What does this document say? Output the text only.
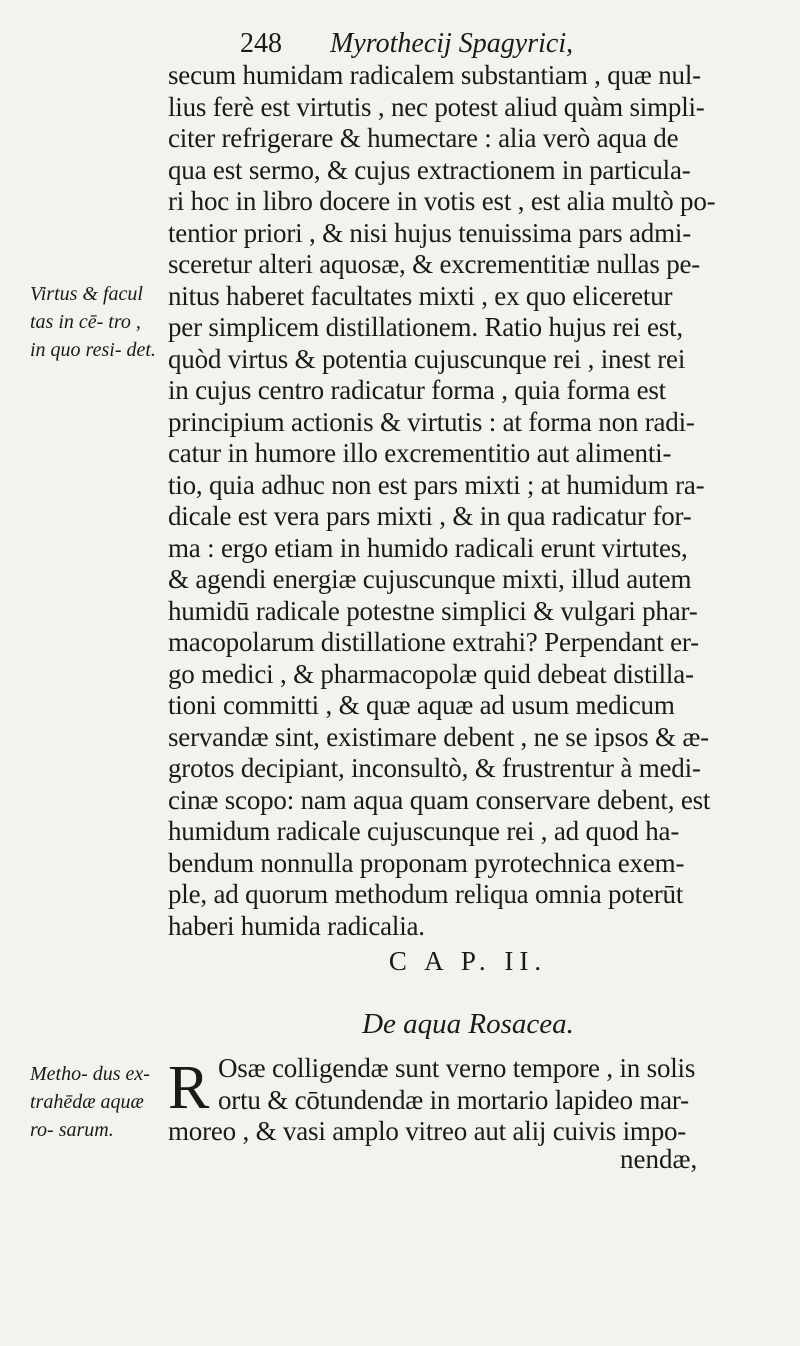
248 Myrothecij Spagyrici,
secum humidam radicalem substantiam , quæ nul-
lius ferè est virtutis , nec potest aliud quàm simpli-
citer refrigerare & humectare : alia verò aqua de
qua est sermo, & cujus extractionem in particula-
ri hoc in libro docere in votis est , est alia multò po-
tentior priori , & nisi hujus tenuissima pars admi-
sceretur alteri aquosæ, & excrementitiæ nullas pe-
nitus haberet facultates mixti , ex quo eliceretur
per simplicem distillationem. Ratio hujus rei est,
quòd virtus & potentia cujuscunque rei , inest rei
in cujus centro radicatur forma , quia forma est
principium actionis & virtutis : at forma non radi-
catur in humore illo excrementitio aut alimenti-
tio, quia adhuc non est pars mixti ; at humidum ra-
dicale est vera pars mixti , & in qua radicatur for-
ma : ergo etiam in humido radicali erunt virtutes,
& agendi energiæ cujuscunque mixti, illud autem
humidū radicale potestne simplici & vulgari phar-
macopolarum distillatione extrahi? Perpendant er-
go medici , & pharmacopolæ quid debeat distilla-
tioni committi , & quæ aquæ ad usum medicum
servandæ sint, existimare debent , ne se ipsos & æ-
grotos decipiant, inconsultò, & frustrentur à medi-
cinæ scopo: nam aqua quam conservare debent, est
humidum radicale cujuscunque rei , ad quod ha-
bendum nonnulla proponam pyrotechnica exem-
ple, ad quorum methodum reliqua omnia poterūt
haberi humida radicalia.
Virtus & facul tas in cē- tro , in quo resi- det.
Metho- dus ex- trahēdæ aquæ ro- sarum.
C A P. II.
De aqua Rosacea.
R Osæ colligendæ sunt verno tempore , in solis
ortu & cōtundendæ in mortario lapideo mar-
moreo , & vasi amplo vitreo aut alij cuivis impo-
nendæ,
